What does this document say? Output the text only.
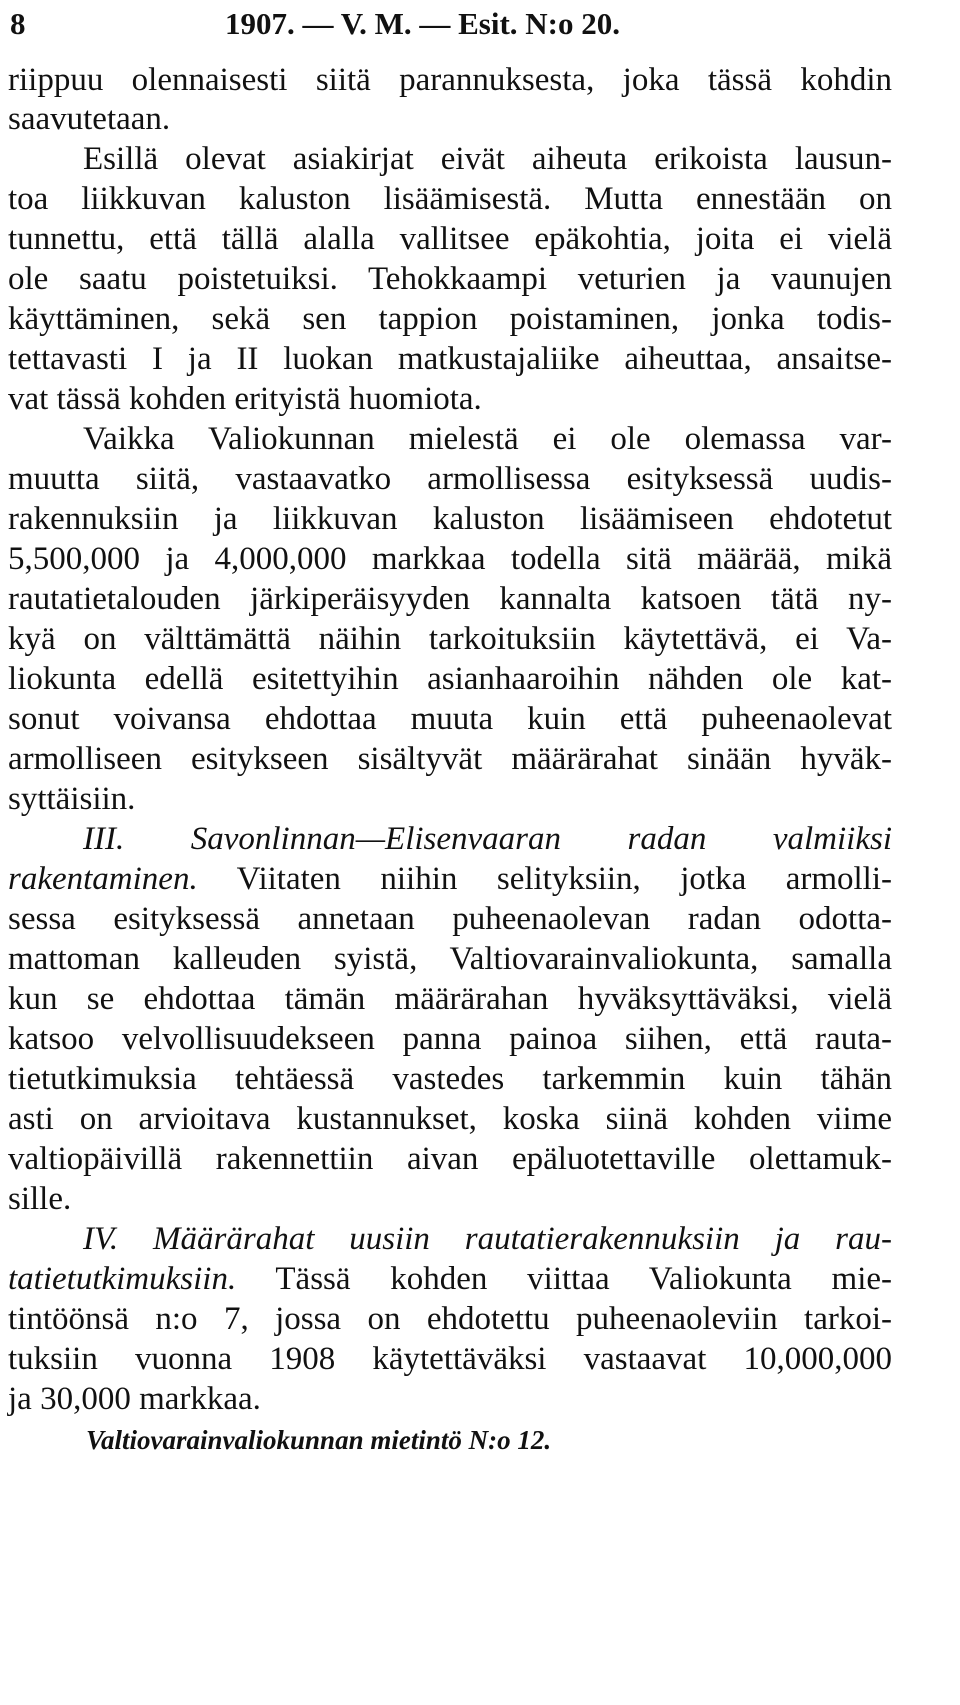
8	1907. — V. M. — Esit. N:o 20.
riippuu olennaisesti siitä parannuksesta, joka tässä kohdin
saavutetaan.
Esillä olevat asiakirjat eivät aiheuta erikoista lausun-
toa liikkuvan kaluston lisäämisestä. Mutta ennestään on
tunnettu, että tällä alalla vallitsee epäkohtia, joita ei vielä
ole saatu poistetuiksi. Tehokkaampi veturien ja vaunujen
käyttäminen, sekä sen tappion poistaminen, jonka todis-
tettavasti I ja II luokan matkustajaliike aiheuttaa, ansaitse-
vat tässä kohden erityistä huomiota.
Vaikka Valiokunnan mielestä ei ole olemassa var-
muutta siitä, vastaavatko armollisessa esityksessä uudis-
rakennuksiin ja liikkuvan kaluston lisäämiseen ehdotetut
5,500,000 ja 4,000,000 markkaa todella sitä määrää, mikä
rautatietalouden järkiperäisyyden kannalta katsoen tätä ny-
kyä on välttämättä näihin tarkoituksiin käytettävä, ei Va-
liokunta edellä esitettyihin asianhaaroihin nähden ole kat-
sonut voivansa ehdottaa muuta kuin että puheenaolevat
armolliseen esitykseen sisältyvät määrärahat sinään hyväk-
syttäisiin.
III. Savonlinnan—Elisenvaaran radan valmiiksi
rakentaminen. Viitaten niihin selityksiin, jotka armolli-
sessa esityksessä annetaan puheenaolevan radan odotta-
mattoman kalleuden syistä, Valtiovarainvaliokunta, samalla
kun se ehdottaa tämän määrärahan hyväksyttäväksi, vielä
katsoo velvollisuudekseen panna painoa siihen, että rauta-
tietutkimuksia tehtäessä vastedes tarkemmin kuin tähän
asti on arvioitava kustannukset, koska siinä kohden viime
valtiopäivillä rakennettiin aivan epäluotettaville olettamuk-
sille.
IV. Määrärahat uusiin rautatierakennuksiin ja rau-
tatietutkimuksiin. Tässä kohden viittaa Valiokunta mie-
tintöönsä n:o 7, jossa on ehdotettu puheenaoleviin tarkoi-
tuksiin vuonna 1908 käytettäväksi vastaavat 10,000,000
ja 30,000 markkaa.
Valtiovarainvaliokunnan mietintö N:o 12.
